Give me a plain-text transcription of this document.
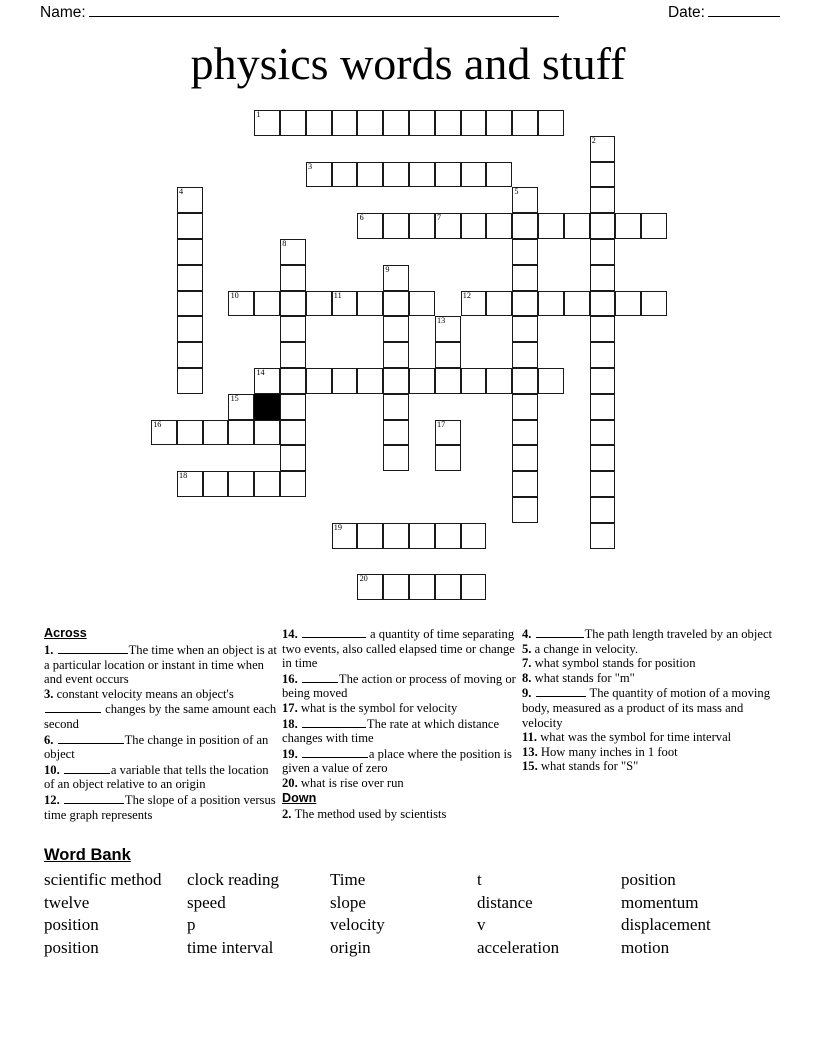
Name:	Date:
physics words and stuff
1
2
3
4	5
6	7
8
9
10	11	12
13
14
15
16	17
18
19
20
Across

1.	The time when an object is at a particular location or instant in time when and event occurs

3. constant velocity means an object's  changes by the same amount each second

6.	The change in position of an object

10.	a variable that tells the location of an object relative to an origin

12.	The slope of a position versus time graph represents

14.	a quantity of time separating two events, also called elapsed time or change in time

16.	The action or process of moving or being moved

17. what is the symbol for velocity

18.	The rate at which distance changes with time

19.	a place where the position is given a value of zero

20. what is rise over run

Down

2. The method used by scientists

4.	The path length traveled by an object

5. a change in velocity.

7. what symbol stands for position

8. what stands for "m"

9.	The quantity of motion of a moving body, measured as a product of its mass and velocity

11. what was the symbol for time interval

13. How many inches in 1 foot

15. what stands for "S"

Word Bank
scientific method	clock reading	Time	t	position
twelve	speed	slope	distance	momentum
position	p	velocity	v	displacement
position	time interval	origin	acceleration	motion
